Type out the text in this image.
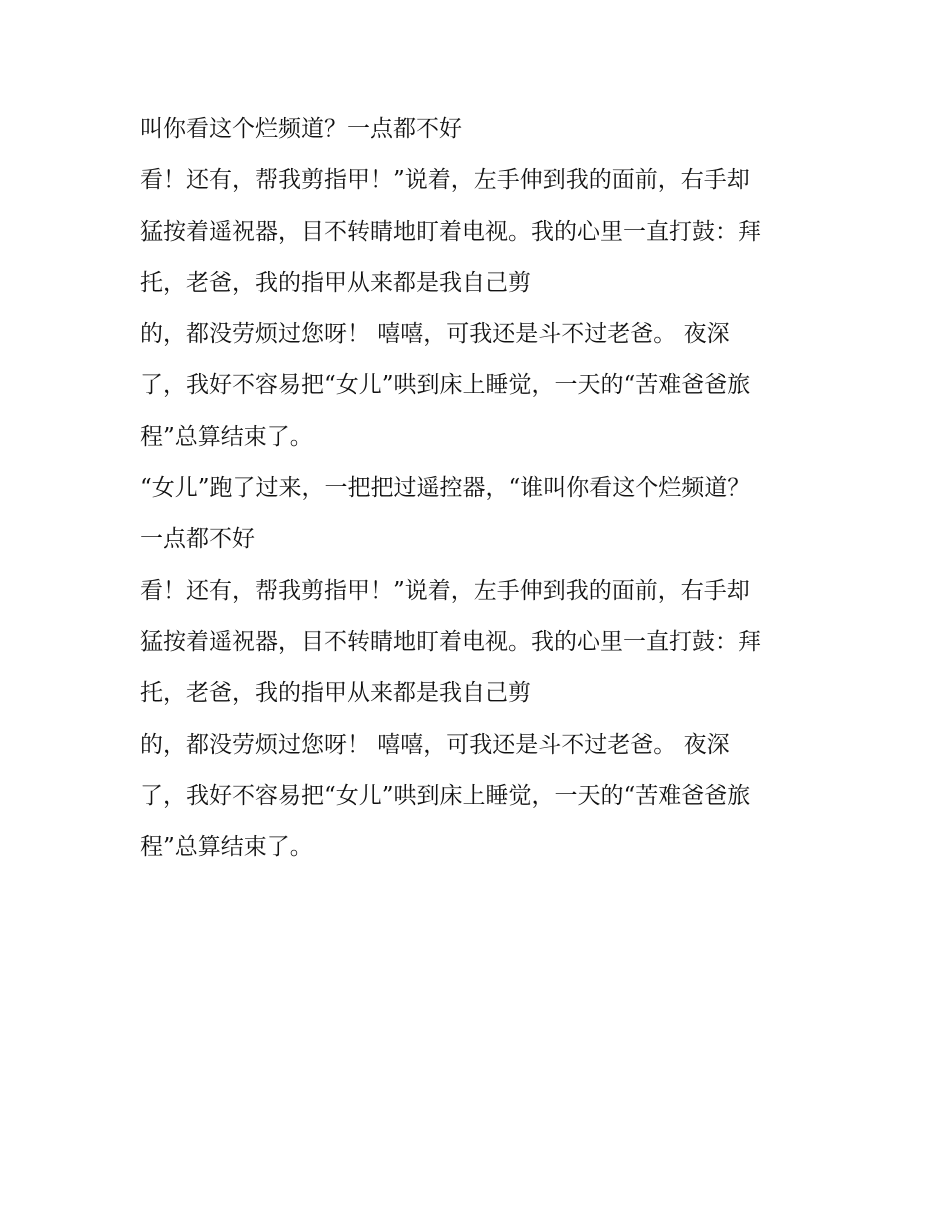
叫你看这个烂频道？一点都不好

看！还有，帮我剪指甲！”说着，左手伸到我的面前，右手却

猛按着遥祝器，目不转睛地盯着电视。我的心里一直打鼓：拜

托，老爸，我的指甲从来都是我自己剪

的，都没劳烦过您呀！ 嘻嘻，可我还是斗不过老爸。 夜深

了，我好不容易把“女儿”哄到床上睡觉，一天的“苦难爸爸旅

程”总算结束了。

“女儿”跑了过来，一把把过遥控器，“谁叫你看这个烂频道？

一点都不好

看！还有，帮我剪指甲！”说着，左手伸到我的面前，右手却

猛按着遥祝器，目不转睛地盯着电视。我的心里一直打鼓：拜

托，老爸，我的指甲从来都是我自己剪

的，都没劳烦过您呀！ 嘻嘻，可我还是斗不过老爸。 夜深

了，我好不容易把“女儿”哄到床上睡觉，一天的“苦难爸爸旅

程”总算结束了。
